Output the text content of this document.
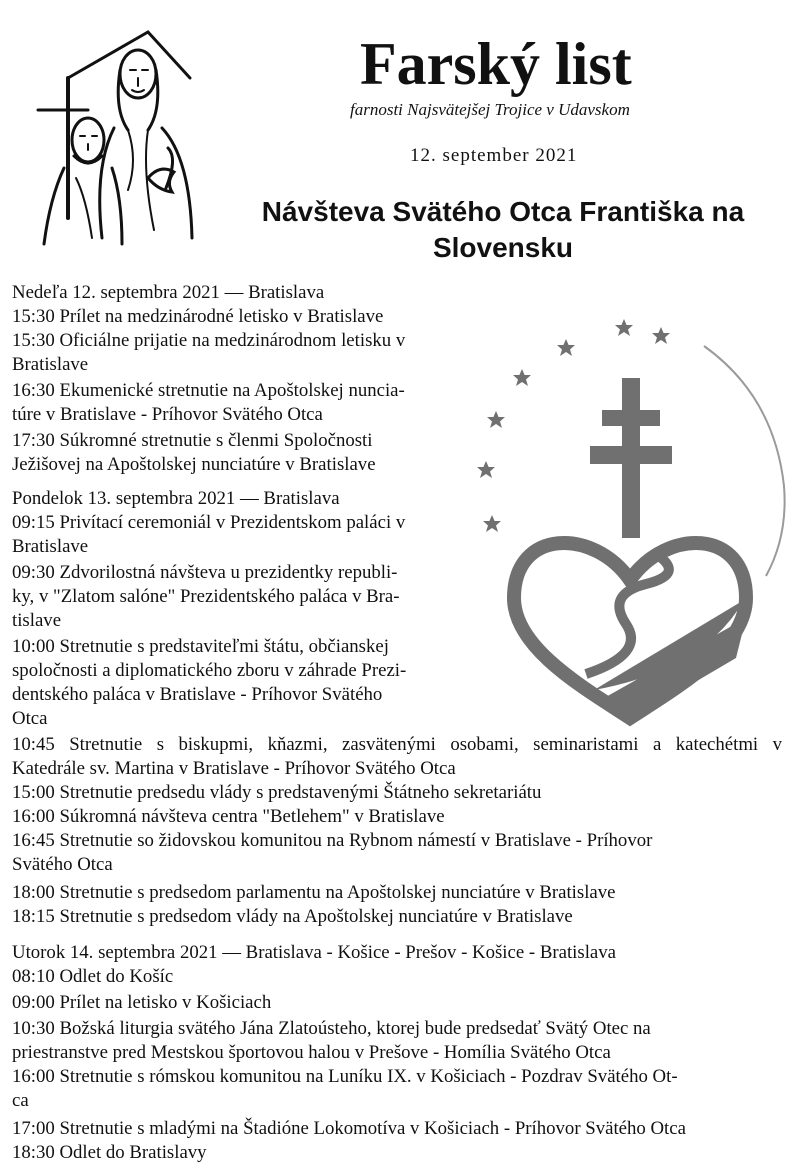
Farský list
farnosti Najsvätejšej Trojice v Udavskom
12. september 2021
Návšteva Svätého Otca Františka na
Slovensku
Nedeľa 12. septembra 2021 — Bratislava
15:30 Prílet na medzinárodné letisko v Bratislave
15:30 Oficiálne prijatie na medzinárodnom letisku v
Bratislave
16:30 Ekumenické stretnutie na Apoštolskej nuncia-
túre v Bratislave - Príhovor Svätého Otca
17:30 Súkromné stretnutie s členmi Spoločnosti
Ježišovej na Apoštolskej nunciatúre v Bratislave
Pondelok 13. septembra 2021 — Bratislava
09:15 Privítací ceremoniál v Prezidentskom paláci v
Bratislave
09:30 Zdvorilostná návšteva u prezidentky republi-
ky, v "Zlatom salóne" Prezidentského paláca v Bra-
tislave
10:00 Stretnutie s predstaviteľmi štátu, občianskej
spoločnosti a diplomatického zboru v záhrade Prezi-
dentského paláca v Bratislave - Príhovor Svätého
Otca
10:45 Stretnutie s biskupmi, kňazmi, zasvätenými osobami, seminaristami a katechétmi v
Katedrále sv. Martina v Bratislave - Príhovor Svätého Otca
15:00 Stretnutie predsedu vlády s predstavenými Štátneho sekretariátu
16:00 Súkromná návšteva centra "Betlehem" v Bratislave
16:45 Stretnutie so židovskou komunitou na Rybnom námestí v Bratislave - Príhovor
Svätého Otca
18:00 Stretnutie s predsedom parlamentu na Apoštolskej nunciatúre v Bratislave
18:15 Stretnutie s predsedom vlády na Apoštolskej nunciatúre v Bratislave
Utorok 14. septembra 2021 — Bratislava - Košice - Prešov - Košice - Bratislava
08:10 Odlet do Košíc
09:00 Prílet na letisko v Košiciach
10:30 Božská liturgia svätého Jána Zlatoústeho, ktorej bude predsedať Svätý Otec na
priestranstve pred Mestskou športovou halou v Prešove - Homília Svätého Otca
16:00 Stretnutie s rómskou komunitou na Luníku IX. v Košiciach - Pozdrav Svätého Ot-
ca
17:00 Stretnutie s mladými na Štadióne Lokomotíva v Košiciach - Príhovor Svätého Otca
18:30 Odlet do Bratislavy
